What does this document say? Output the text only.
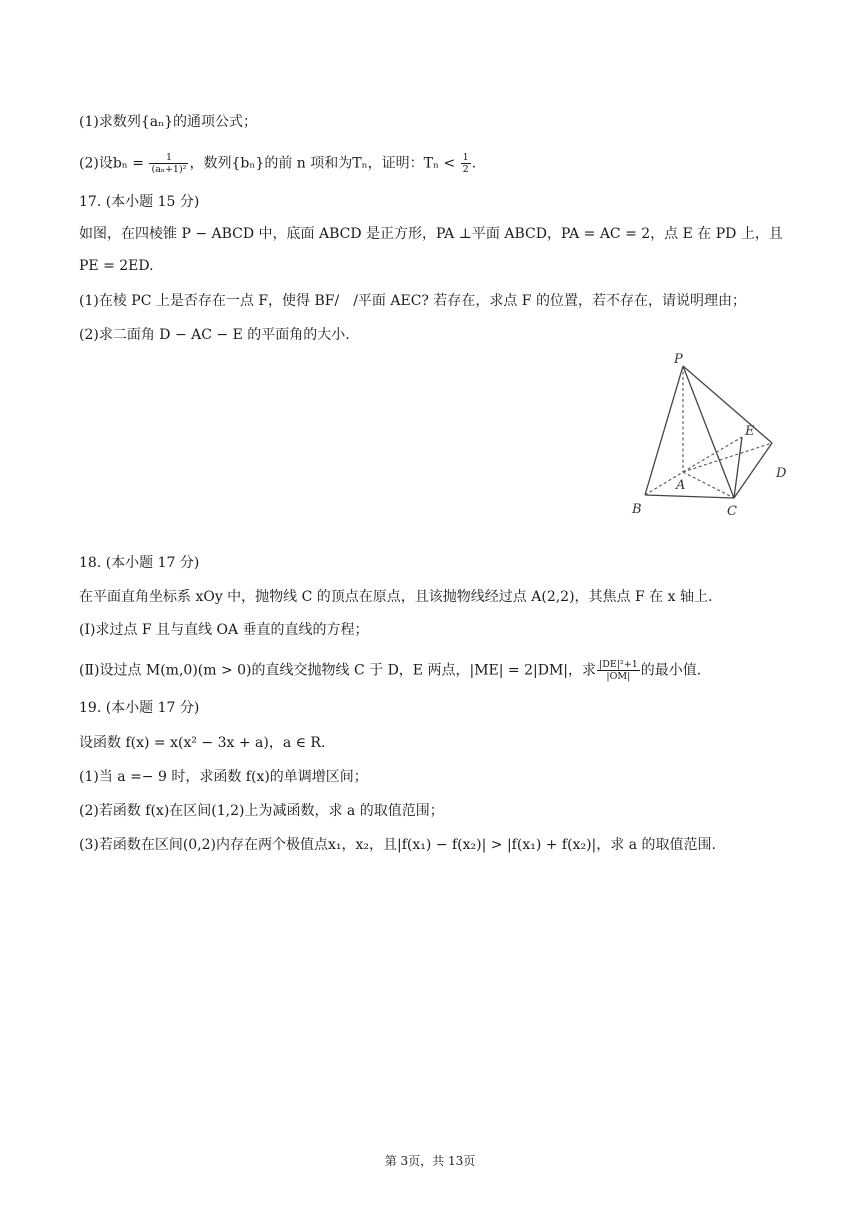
(1)求数列{aₙ}的通项公式；
(2)设$b_n = \frac{1}{\text{(aₙ+1)²}}$ ，数列{bₙ}的前 n 项和为Tₙ，证明：$T_n < \frac{1}{2}$ .
17. (本小题 15 分)
如图，在四棱锥 P − ABCD 中，底面 ABCD 是正方形，PA ⊥平面 ABCD，PA = AC = 2，点 E 在 PD 上，且
PE = 2ED.
(1)在棱 PC 上是否存在一点 F，使得 BF/　/平面 AEC? 若存在，求点 F 的位置，若不存在，请说明理由；
(2)求二面角 D − AC − E 的平面角的大小.
P
E
D
A
B	C
18. (本小题 17 分)
在平面直角坐标系 xOy 中，抛物线 C 的顶点在原点，且该抛物线经过点 A(2,2)，其焦点 F 在 x 轴上.
(Ⅰ)求过点 F 且与直线 OA 垂直的直线的方程；
(Ⅱ)设过点 M(m,0)(m > 0)的直线交抛物线 C 于 D，E 两点，|ME| = 2|DM|，求 $\frac{\text{|DE|²+1}}{|OM|}$ 的最小值.
19. (本小题 17 分)
设函数 f(x) = x(x² − 3x + a)，a ∈ R.
(1)当 a =− 9 时，求函数 f(x)的单调增区间；
(2)若函数 f(x)在区间(1,2)上为减函数，求 a 的取值范围；
(3)若函数在区间(0,2)内存在两个极值点x₁，x₂，且|f(x₁) − f(x₂)| > |f(x₁) + f(x₂)|，求 a 的取值范围.
第 3页，共 13页
